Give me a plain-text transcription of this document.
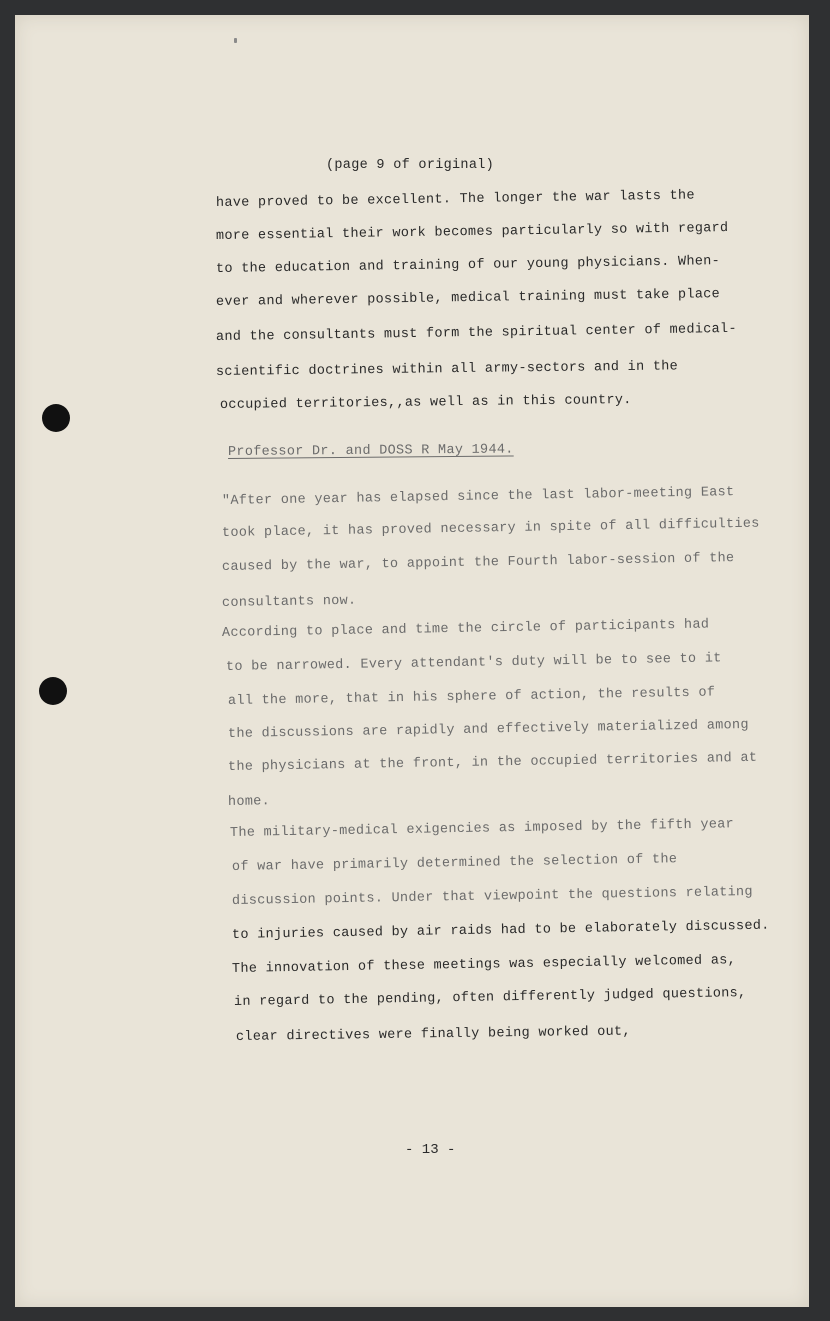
(page 9 of original)
have proved to be excellent. The longer the war lasts the
more essential their work becomes particularly so with regard
to the education and training of our young physicians. When-
ever and wherever possible, medical training must take place
and the consultants must form the spiritual center of medical-
scientific doctrines within all army-sectors and in the
occupied territories,,as well as in this country.
Professor Dr. and DOSS R May 1944.
"After one year has elapsed since the last labor-meeting East
took place, it has proved necessary in spite of all difficulties
caused by the war, to appoint the Fourth labor-session of the
consultants now.
According to place and time the circle of participants had
to be narrowed. Every attendant's duty will be to see to it
all the more, that in his sphere of action, the results of
the discussions are rapidly and effectively materialized among
the physicians at the front, in the occupied territories and at
home.
The military-medical exigencies as imposed by the fifth year
of war have primarily determined the selection of the
discussion points. Under that viewpoint the questions relating
to injuries caused by air raids had to be elaborately discussed.
The innovation of these meetings was especially welcomed as,
in regard to the pending, often differently judged questions,
clear directives were finally being worked out,
- 13 -
